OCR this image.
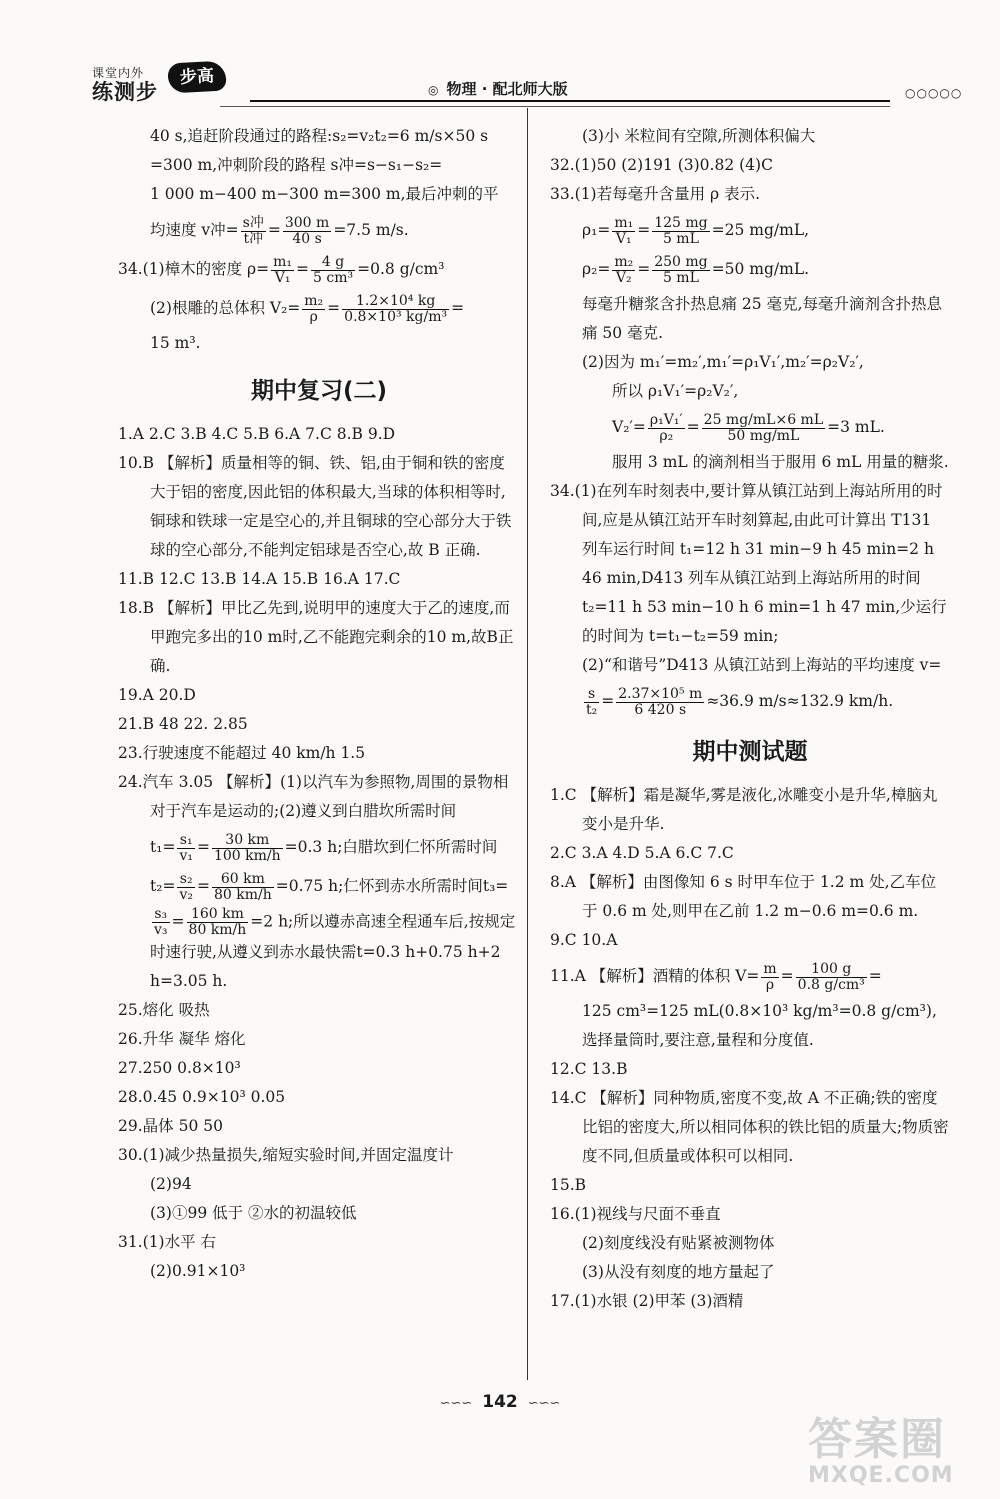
课堂内外
练测步
步高
◎ 物理 · 配北师大版	○○○○○

40 s,追赶阶段通过的路程:s₂=v₂t₂=6 m/s×50 s

=300 m,冲刺阶段的路程 s冲=s−s₁−s₂=

1 000 m−400 m−300 m=300 m,最后冲刺的平

均速度 v冲= $\frac{\text{s冲}}{\text{t冲}} = \frac{300 m}{40 s} =7.5$ m/s.

34.(1)樟木的密度 $\rho= \frac{\text{m₁}}{\text{V₁}} = \frac{4 g}{\text{5 cm³}} =0.8$ g/cm³

(2)根雕的总体积 $V_2= \frac{\text{m₂}}{\rho} = \frac{\text{1.2×10⁴ kg}}{\text{0.8×10³ kg/m³}}$ =

15 m³.

期中复习(二)

1.A 2.C 3.B 4.C 5.B 6.A 7.C 8.B 9.D

10.B 【解析】质量相等的铜、铁、铝,由于铜和铁的密度大于铝的密度,因此铝的体积最大,当球的体积相等时,铜球和铁球一定是空心的,并且铜球的空心部分大于铁球的空心部分,不能判定铝球是否空心,故 B 正确.

11.B 12.C 13.B 14.A 15.B 16.A 17.C

18.B 【解析】甲比乙先到,说明甲的速度大于乙的速度,而甲跑完多出的10 m时,乙不能跑完剩余的10 m,故B正确.

19.A 20.D

21.B 48 22. 2.85

23.行驶速度不能超过 40 km/h 1.5

24.汽车 3.05 【解析】(1)以汽车为参照物,周围的景物相对于汽车是运动的;(2)遵义到白腊坎所需时间

$t_1= \frac{\text{s₁}}{\text{v₁}} = \frac{30 km}{100 km/h} =0.3$ h;白腊坎到仁怀所需时间

$t_2= \frac{\text{s₂}}{\text{v₂}} = \frac{60 km}{80 km/h} =0.75$ h;仁怀到赤水所需时间t₃=

$\frac{\text{s₃}}{\text{v₃}} = \frac{160 km}{80 km/h} =2$ h;所以遵赤高速全程通车后,按规定时速行驶,从遵义到赤水最快需t=0.3 h+0.75 h+2 h=3.05 h.

25.熔化 吸热

26.升华 凝华 熔化

27.250 0.8×10³

28.0.45 0.9×10³ 0.05

29.晶体 50 50

30.(1)减少热量损失,缩短实验时间,并固定温度计

(2)94

(3)①99 低于 ②水的初温较低

31.(1)水平 右

(2)0.91×10³

(3)小 米粒间有空隙,所测体积偏大

32.(1)50 (2)191 (3)0.82 (4)C

33.(1)若每毫升含量用 ρ 表示.

$\rho_1= \frac{\text{m₁}}{\text{V₁}} = \frac{125 mg}{5 mL} =25$ mg/mL,

$\rho_2= \frac{\text{m₂}}{\text{V₂}} = \frac{250 mg}{5 mL} =50$ mg/mL.

每毫升糖浆含扑热息痛 25 毫克,每毫升滴剂含扑热息痛 50 毫克.

(2)因为 m₁′=m₂′,m₁′=ρ₁V₁′,m₂′=ρ₂V₂′,

所以 ρ₁V₁′=ρ₂V₂′,

$V_2'= \frac{\text{ρ₁V₁′}}{\text{ρ₂}} = \frac{25 mg/mL\times 6 mL}{50 mg/mL} =3$ mL.

服用 3 mL 的滴剂相当于服用 6 mL 用量的糖浆.

34.(1)在列车时刻表中,要计算从镇江站到上海站所用的时间,应是从镇江站开车时刻算起,由此可计算出 T131 列车运行时间 t₁=12 h 31 min−9 h 45 min=2 h 46 min,D413 列车从镇江站到上海站所用的时间 t₂=11 h 53 min−10 h 6 min=1 h 47 min,少运行的时间为 t=t₁−t₂=59 min;

(2)“和谐号”D413 从镇江站到上海站的平均速度 v=

$\frac{s}{\text{t₂}} = \frac{\text{2.37×10⁵ m}}{6 420 s} \approx 36.9$ m/s≈132.9 km/h.

期中测试题

1.C 【解析】霜是凝华,雾是液化,冰雕变小是升华,樟脑丸变小是升华.

2.C 3.A 4.D 5.A 6.C 7.C

8.A 【解析】由图像知 6 s 时甲车位于 1.2 m 处,乙车位于 0.6 m 处,则甲在乙前 1.2 m−0.6 m=0.6 m.

9.C 10.A

11.A 【解析】酒精的体积 $V= \frac{m}{\rho} = \frac{100 g}{\text{0.8 g/cm³}}$ =

125 cm³=125 mL(0.8×10³ kg/m³=0.8 g/cm³),选择量筒时,要注意,量程和分度值.

12.C 13.B

14.C 【解析】同种物质,密度不变,故 A 不正确;铁的密度比铝的密度大,所以相同体积的铁比铝的质量大;物质密度不同,但质量或体积可以相同.

15.B

16.(1)视线与尺面不垂直

(2)刻度线没有贴紧被测物体

(3)从没有刻度的地方量起了

17.(1)水银 (2)甲苯 (3)酒精

∽∽∽ 142 ∽∽∽
答案圈
MXQE.COM
